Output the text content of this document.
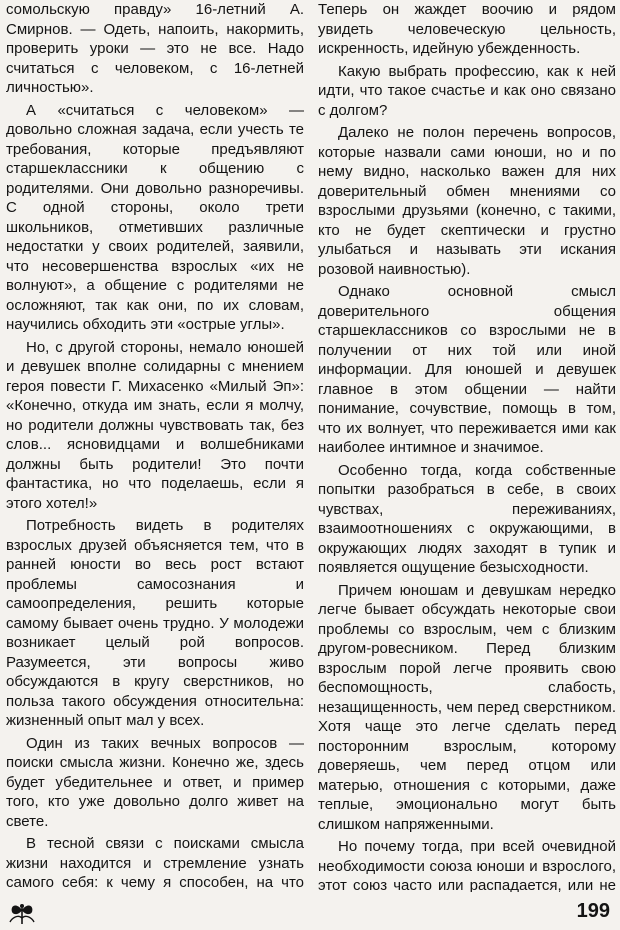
сомольскую правду» 16-летний А. Смирнов. — Одеть, напоить, накормить, проверить уроки — это не все. Надо считаться с человеком, с 16-летней личностью».

А «считаться с человеком» — довольно сложная задача, если учесть те требования, которые предъявляют старшеклассники к общению с родителями. Они довольно разноречивы. С одной стороны, около трети школьников, отметивших различные недостатки у своих родителей, заявили, что несовершенства взрослых «их не волнуют», а общение с родителями не осложняют, так как они, по их словам, научились обходить эти «острые углы».

Но, с другой стороны, немало юношей и девушек вполне солидарны с мнением героя повести Г. Михасенко «Милый Эп»: «Конечно, откуда им знать, если я молчу, но родители должны чувствовать так, без слов... ясновидцами и волшебниками должны быть родители! Это почти фантастика, но что поделаешь, если я этого хотел!»

Потребность видеть в родителях взрослых друзей объясняется тем, что в ранней юности во весь рост встают проблемы самосознания и самоопределения, решить которые самому бывает очень трудно. У молодежи возникает целый рой вопросов. Разумеется, эти вопросы живо обсуждаются в кругу сверстников, но польза такого обсуждения относительна: жизненный опыт мал у всех.

Один из таких вечных вопросов — поиски смысла жизни. Конечно же, здесь будет убедительнее и ответ, и пример того, кто уже довольно долго живет на свете.

В тесной связи с поисками смысла жизни находится и стремление узнать самого себя: к чему я способен, на что

Теперь он жаждет воочию и рядом увидеть человеческую цельность, искренность, идейную убежденность.

Какую выбрать профессию, как к ней идти, что такое счастье и как оно связано с долгом?

Далеко не полон перечень вопросов, которые назвали сами юноши, но и по нему видно, насколько важен для них доверительный обмен мнениями со взрослыми друзьями (конечно, с такими, кто не будет скептически и грустно улыбаться и называть эти искания розовой наивностью).

Однако основной смысл доверительного общения старшеклассников со взрослыми не в получении от них той или иной информации. Для юношей и девушек главное в этом общении — найти понимание, сочувствие, помощь в том, что их волнует, что переживается ими как наиболее интимное и значимое.

Особенно тогда, когда собственные попытки разобраться в себе, в своих чувствах, переживаниях, взаимоотношениях с окружающими, в окружающих людях заходят в тупик и появляется ощущение безысходности.

Причем юношам и девушкам нередко легче бывает обсуждать некоторые свои проблемы со взрослым, чем с близким другом-ровесником. Перед близким взрослым порой легче проявить свою беспомощность, слабость, незащищенность, чем перед сверстником. Хотя чаще это легче сделать перед посторонним взрослым, которому доверяешь, чем перед отцом или матерью, отношения с которыми, даже теплые, эмоционально могут быть слишком напряженными.

Но почему тогда, при всей очевидной необходимости союза юноши и взрослого, этот союз часто или распадается, или не

199
